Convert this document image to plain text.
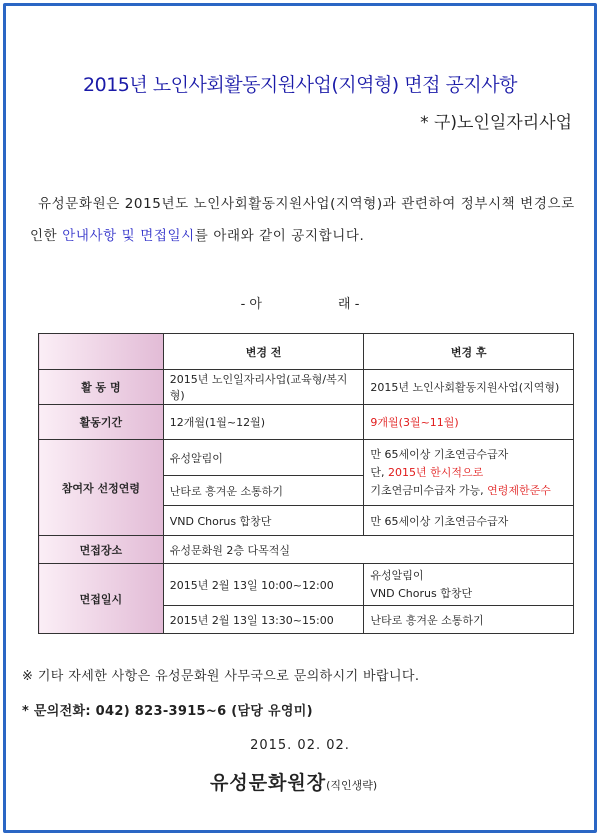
2015년 노인사회활동지원사업(지역형) 면접 공지사항
* 구)노인일자리사업
유성문화원은 2015년도 노인사회활동지원사업(지역형)과 관련하여 정부시책 변경으로 인한 안내사항 및 면접일시를 아래와 같이 공지합니다.
- 아	래 -
	변경 전	변경 후
활 동 명	2015년 노인일자리사업(교육형/복지형)	2015년 노인사회활동지원사업(지역형)
활동기간	12개월(1월~12월)	9개월(3월~11월)
참여자 선정연령	유성알림이	만 65세이상 기초연금수급자
단, 2015년 한시적으로
기초연금미수급자 가능, 연령제한준수

	난타로 흥겨운 소통하기	
	VND Chorus 합창단	만 65세이상 기초연금수급자
면접장소	유성문화원 2층 다목적실	
면접일시	2015년 2월 13일 10:00~12:00	유성알림이
VND Chorus 합창단

	2015년 2월 13일 13:30~15:00	난타로 흥겨운 소통하기
※ 기타 자세한 사항은 유성문화원 사무국으로 문의하시기 바랍니다.
* 문의전화: 042) 823-3915~6 (담당 유영미)
2015. 02. 02.
유성문화원장(직인생략)
